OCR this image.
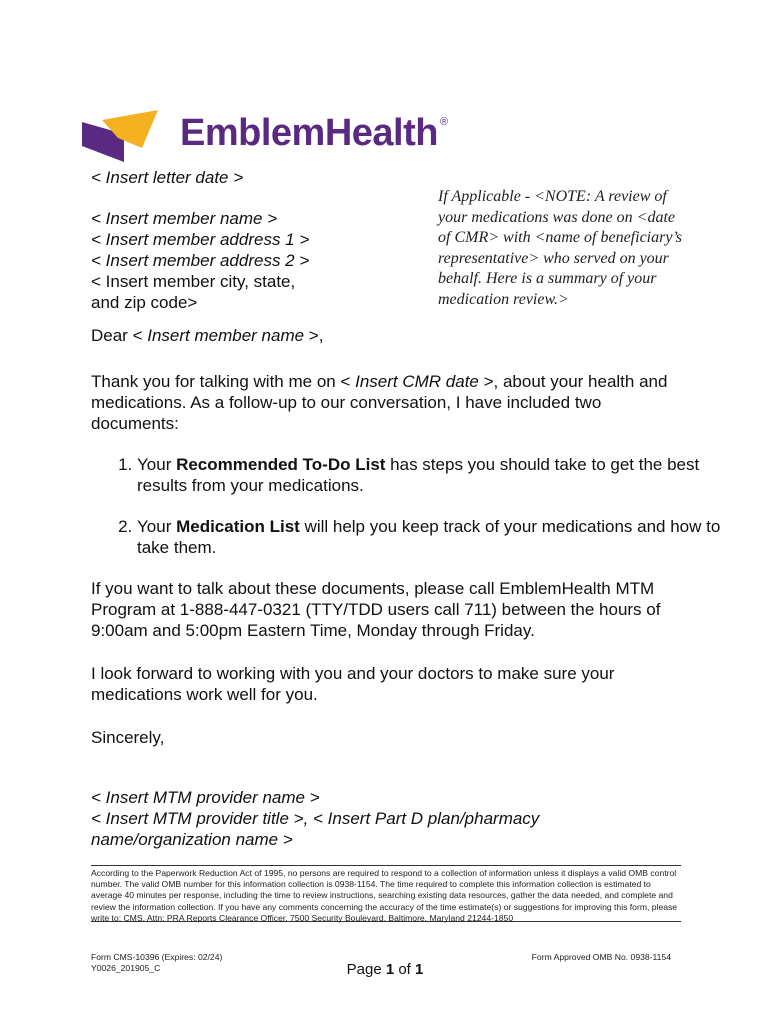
EmblemHealth ®
< Insert letter date >
< Insert member name >
< Insert member address 1 >
< Insert member address 2 >
< Insert member city, state,
and zip code>
Dear < Insert member name >,
If Applicable - <NOTE: A review of your medications was done on <date of CMR> with <name of beneficiary’s representative> who served on your behalf. Here is a summary of your medication review.>
Thank you for talking with me on < Insert CMR date >, about your health and medications. As a follow-up to our conversation, I have included two documents:
1. Your Recommended To-Do List has steps you should take to get the best results from your medications.
2. Your Medication List will help you keep track of your medications and how to take them.
If you want to talk about these documents, please call EmblemHealth MTM Program at 1-888-447-0321 (TTY/TDD users call 711) between the hours of 9:00am and 5:00pm Eastern Time, Monday through Friday.
I look forward to working with you and your doctors to make sure your medications work well for you.
Sincerely,
< Insert MTM provider name >
< Insert MTM provider title >, < Insert Part D plan/pharmacy
name/organization name >
According to the Paperwork Reduction Act of 1995, no persons are required to respond to a collection of information unless it displays a valid OMB control number. The valid OMB number for this information collection is 0938-1154. The time required to complete this information collection is estimated to average 40 minutes per response, including the time to review instructions, searching existing data resources, gather the data needed, and complete and review the information collection. If you have any comments concerning the accuracy of the time estimate(s) or suggestions for improving this form, please write to: CMS, Attn: PRA Reports Clearance Officer, 7500 Security Boulevard, Baltimore, Maryland 21244-1850
Form CMS-10396 (Expires: 02/24)
Y0026_201905_C
Form Approved OMB No. 0938-1154
Page 1 of 1
